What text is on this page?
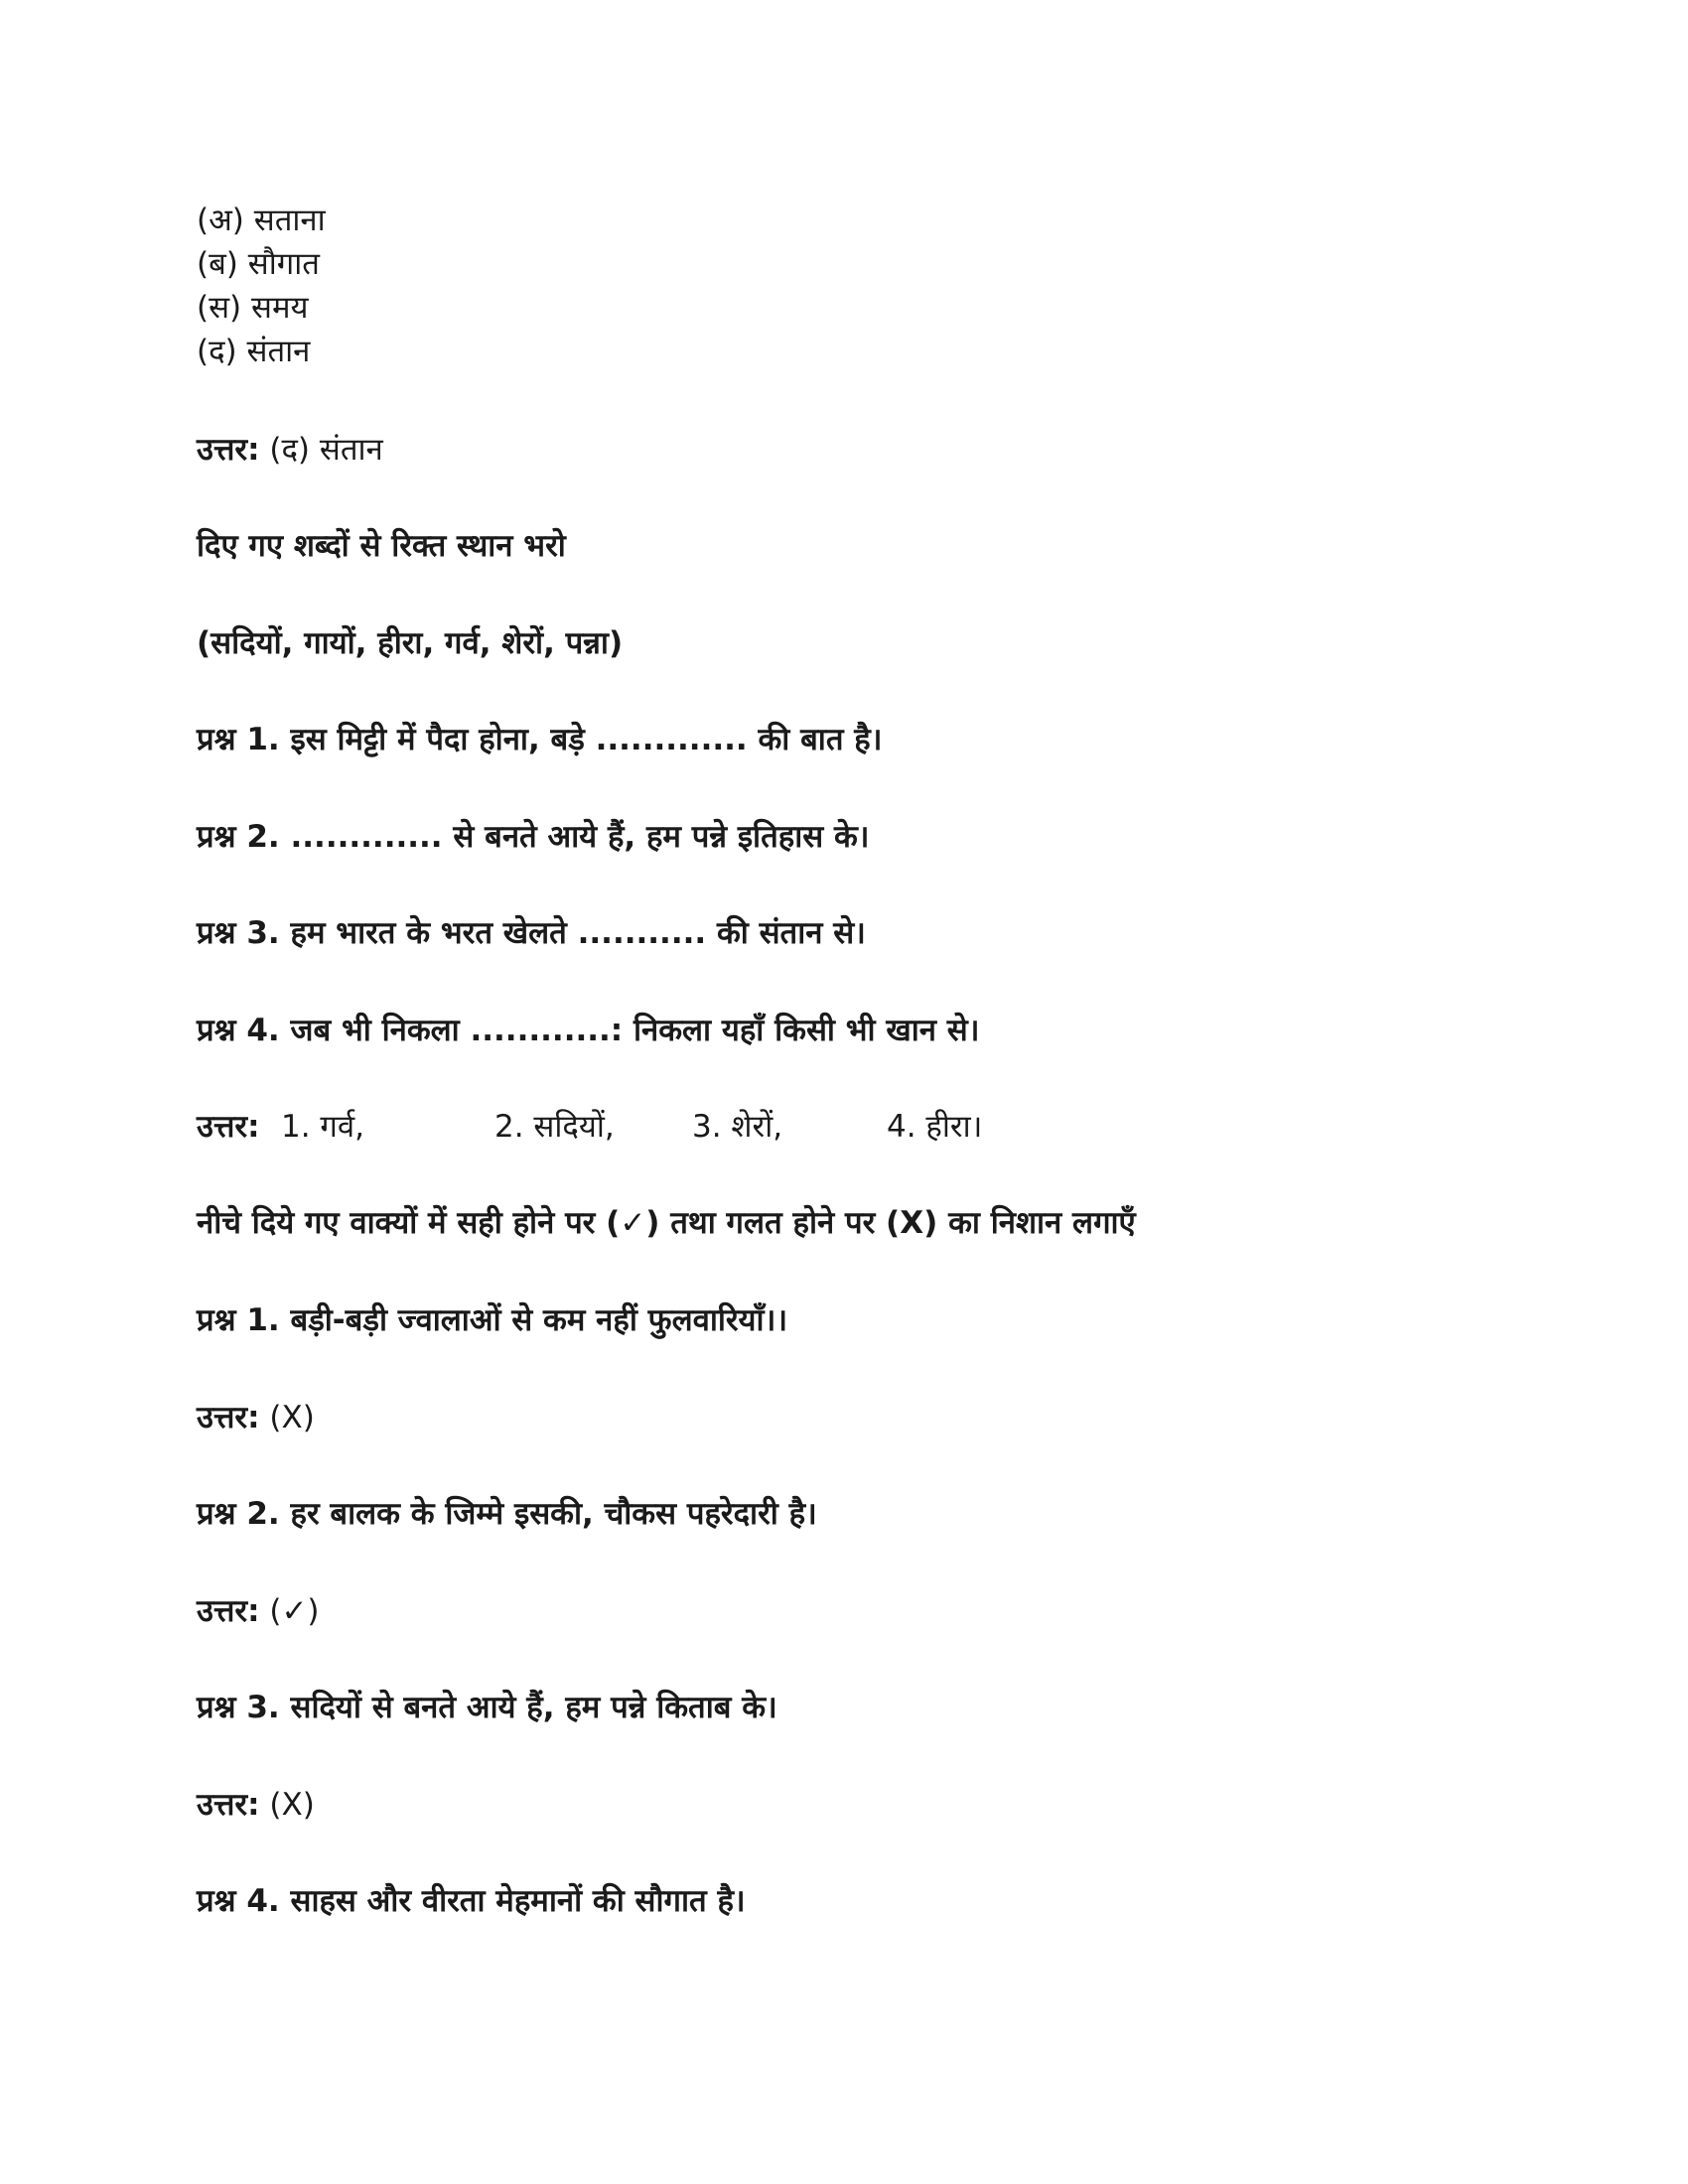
(अ) सताना
(ब) सौगात
(स) समय
(द) संतान
उत्तर: (द) संतान
दिए गए शब्दों से रिक्त स्थान भरो
(सदियों, गायों, हीरा, गर्व, शेरों, पन्ना)
प्रश्न 1. इस मिट्टी में पैदा होना, बड़े ............. की बात है।
प्रश्न 2. ............. से बनते आये हैं, हम पन्ने इतिहास के।
प्रश्न 3. हम भारत के भरत खेलते ........... की संतान से।
प्रश्न 4. जब भी निकला ............: निकला यहाँ किसी भी खान से।
उत्तर: 1. गर्व,	2. सदियों,	3. शेरों,	4. हीरा।
नीचे दिये गए वाक्यों में सही होने पर (✓) तथा गलत होने पर (X) का निशान लगाएँ
प्रश्न 1. बड़ी-बड़ी ज्वालाओं से कम नहीं फुलवारियाँ।।
उत्तर: (X)
प्रश्न 2. हर बालक के जिम्मे इसकी, चौकस पहरेदारी है।
उत्तर: (✓)
प्रश्न 3. सदियों से बनते आये हैं, हम पन्ने किताब के।
उत्तर: (X)
प्रश्न 4. साहस और वीरता मेहमानों की सौगात है।
